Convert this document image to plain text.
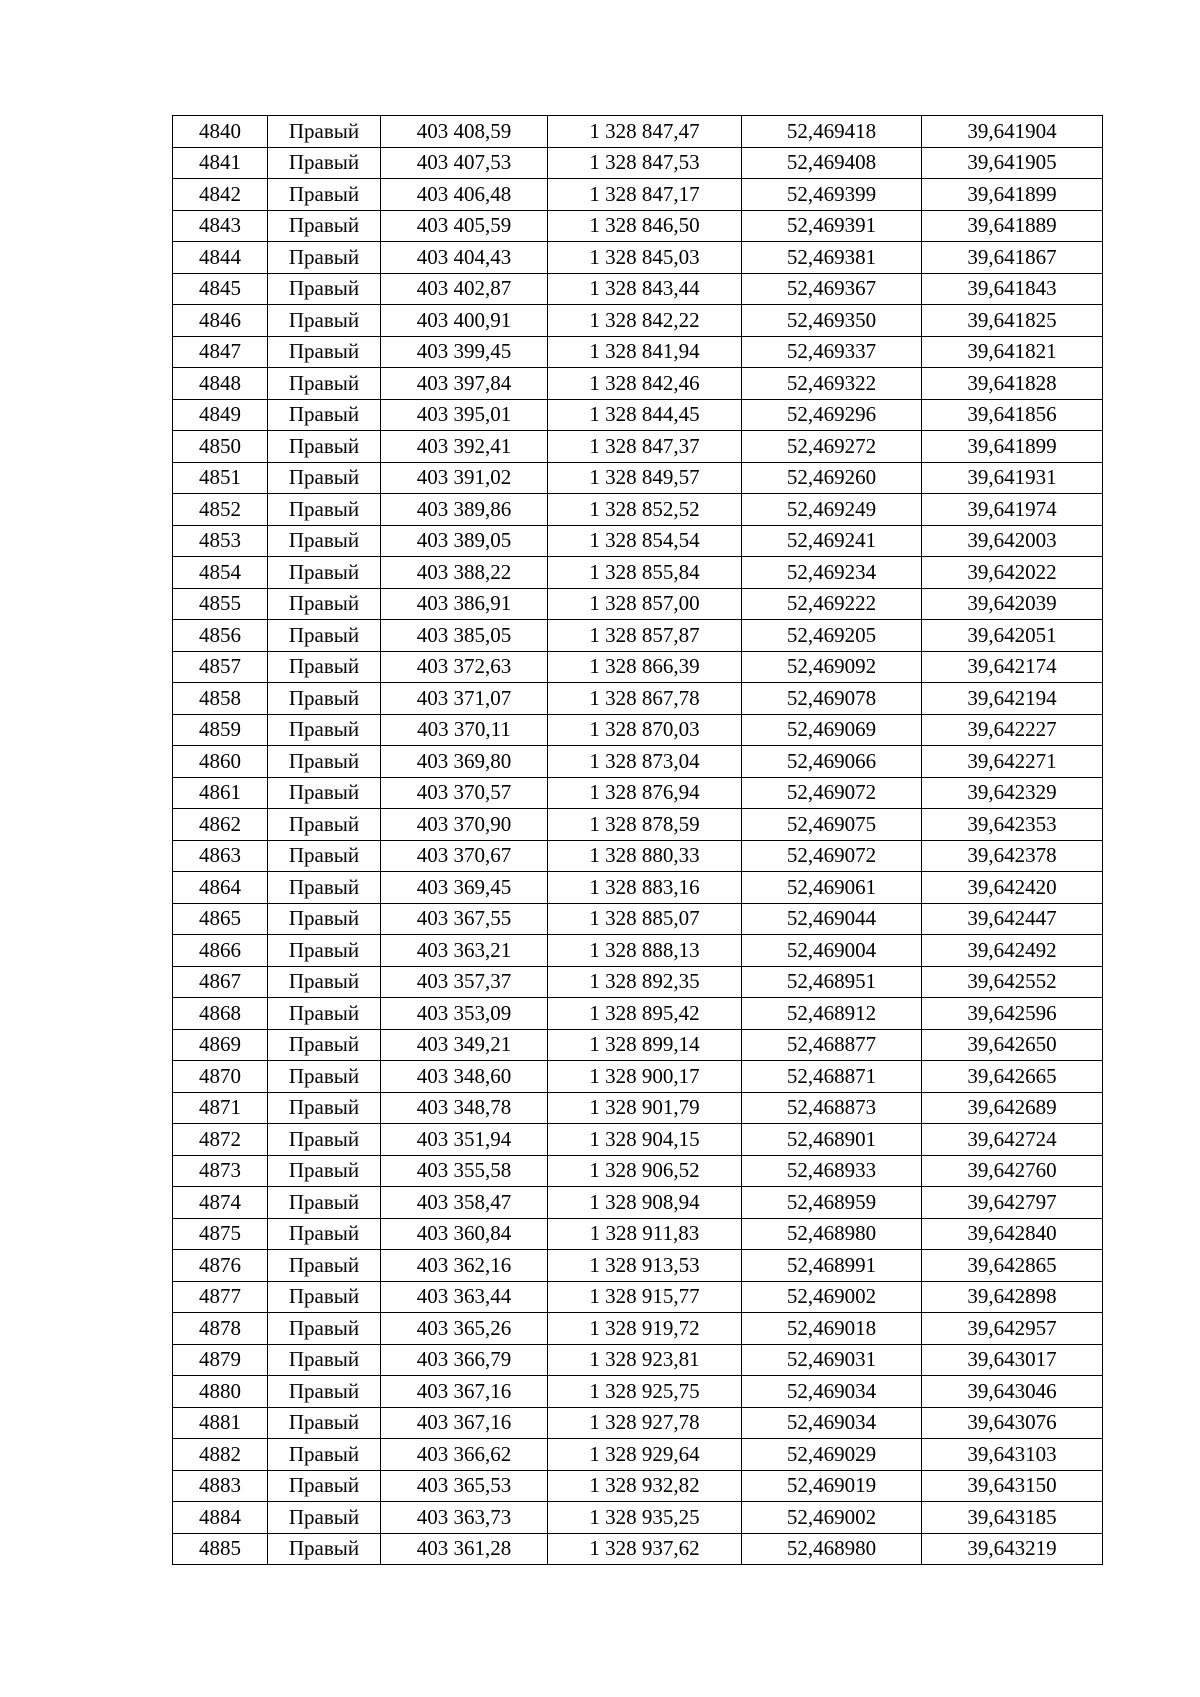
4840	Правый	403 408,59	1 328 847,47	52,469418	39,641904
4841	Правый	403 407,53	1 328 847,53	52,469408	39,641905
4842	Правый	403 406,48	1 328 847,17	52,469399	39,641899
4843	Правый	403 405,59	1 328 846,50	52,469391	39,641889
4844	Правый	403 404,43	1 328 845,03	52,469381	39,641867
4845	Правый	403 402,87	1 328 843,44	52,469367	39,641843
4846	Правый	403 400,91	1 328 842,22	52,469350	39,641825
4847	Правый	403 399,45	1 328 841,94	52,469337	39,641821
4848	Правый	403 397,84	1 328 842,46	52,469322	39,641828
4849	Правый	403 395,01	1 328 844,45	52,469296	39,641856
4850	Правый	403 392,41	1 328 847,37	52,469272	39,641899
4851	Правый	403 391,02	1 328 849,57	52,469260	39,641931
4852	Правый	403 389,86	1 328 852,52	52,469249	39,641974
4853	Правый	403 389,05	1 328 854,54	52,469241	39,642003
4854	Правый	403 388,22	1 328 855,84	52,469234	39,642022
4855	Правый	403 386,91	1 328 857,00	52,469222	39,642039
4856	Правый	403 385,05	1 328 857,87	52,469205	39,642051
4857	Правый	403 372,63	1 328 866,39	52,469092	39,642174
4858	Правый	403 371,07	1 328 867,78	52,469078	39,642194
4859	Правый	403 370,11	1 328 870,03	52,469069	39,642227
4860	Правый	403 369,80	1 328 873,04	52,469066	39,642271
4861	Правый	403 370,57	1 328 876,94	52,469072	39,642329
4862	Правый	403 370,90	1 328 878,59	52,469075	39,642353
4863	Правый	403 370,67	1 328 880,33	52,469072	39,642378
4864	Правый	403 369,45	1 328 883,16	52,469061	39,642420
4865	Правый	403 367,55	1 328 885,07	52,469044	39,642447
4866	Правый	403 363,21	1 328 888,13	52,469004	39,642492
4867	Правый	403 357,37	1 328 892,35	52,468951	39,642552
4868	Правый	403 353,09	1 328 895,42	52,468912	39,642596
4869	Правый	403 349,21	1 328 899,14	52,468877	39,642650
4870	Правый	403 348,60	1 328 900,17	52,468871	39,642665
4871	Правый	403 348,78	1 328 901,79	52,468873	39,642689
4872	Правый	403 351,94	1 328 904,15	52,468901	39,642724
4873	Правый	403 355,58	1 328 906,52	52,468933	39,642760
4874	Правый	403 358,47	1 328 908,94	52,468959	39,642797
4875	Правый	403 360,84	1 328 911,83	52,468980	39,642840
4876	Правый	403 362,16	1 328 913,53	52,468991	39,642865
4877	Правый	403 363,44	1 328 915,77	52,469002	39,642898
4878	Правый	403 365,26	1 328 919,72	52,469018	39,642957
4879	Правый	403 366,79	1 328 923,81	52,469031	39,643017
4880	Правый	403 367,16	1 328 925,75	52,469034	39,643046
4881	Правый	403 367,16	1 328 927,78	52,469034	39,643076
4882	Правый	403 366,62	1 328 929,64	52,469029	39,643103
4883	Правый	403 365,53	1 328 932,82	52,469019	39,643150
4884	Правый	403 363,73	1 328 935,25	52,469002	39,643185
4885	Правый	403 361,28	1 328 937,62	52,468980	39,643219
